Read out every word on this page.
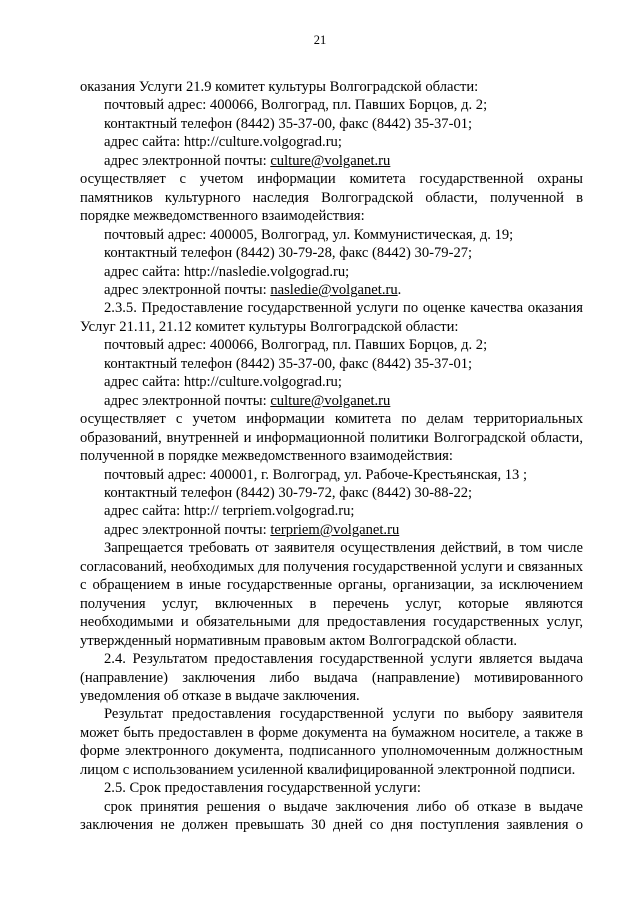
21

оказания Услуги 21.9 комитет культуры Волгоградской области:

почтовый адрес: 400066, Волгоград, пл. Павших Борцов, д. 2;

контактный телефон (8442) 35-37-00, факс (8442) 35-37-01;

адрес сайта: http://culture.volgograd.ru;

адрес электронной почты: culture@volganet.ru

осуществляет с учетом информации комитета государственной охраны памятников культурного наследия Волгоградской области, полученной в порядке межведомственного взаимодействия:

почтовый адрес: 400005, Волгоград, ул. Коммунистическая, д. 19;

контактный телефон (8442) 30-79-28, факс (8442) 30-79-27;

адрес сайта: http://nasledie.volgograd.ru;

адрес электронной почты: nasledie@volganet.ru.

2.3.5. Предоставление государственной услуги по оценке качества оказания Услуг 21.11, 21.12 комитет культуры Волгоградской области:

почтовый адрес: 400066, Волгоград, пл. Павших Борцов, д. 2;

контактный телефон (8442) 35-37-00, факс (8442) 35-37-01;

адрес сайта: http://culture.volgograd.ru;

адрес электронной почты: culture@volganet.ru

осуществляет с учетом информации комитета по делам территориальных образований, внутренней и информационной политики Волгоградской области, полученной в порядке межведомственного взаимодействия:

почтовый адрес: 400001, г. Волгоград, ул. Рабоче-Крестьянская, 13 ;

контактный телефон (8442) 30-79-72, факс (8442) 30-88-22;

адрес сайта: http:// terpriem.volgograd.ru;

адрес электронной почты: terpriem@volganet.ru

Запрещается требовать от заявителя осуществления действий, в том числе согласований, необходимых для получения государственной услуги и связанных с обращением в иные государственные органы, организации, за исключением получения услуг, включенных в перечень услуг, которые являются необходимыми и обязательными для предоставления государственных услуг, утвержденный нормативным правовым актом Волгоградской области.

2.4. Результатом предоставления государственной услуги является выдача (направление) заключения либо выдача (направление) мотивированного уведомления об отказе в выдаче заключения.

Результат предоставления государственной услуги по выбору заявителя может быть предоставлен в форме документа на бумажном носителе, а также в форме электронного документа, подписанного уполномоченным должностным лицом с использованием усиленной квалифицированной электронной подписи.

2.5. Срок предоставления государственной услуги:

срок принятия решения о выдаче заключения либо об отказе в выдаче заключения не должен превышать 30 дней со дня поступления заявления о
